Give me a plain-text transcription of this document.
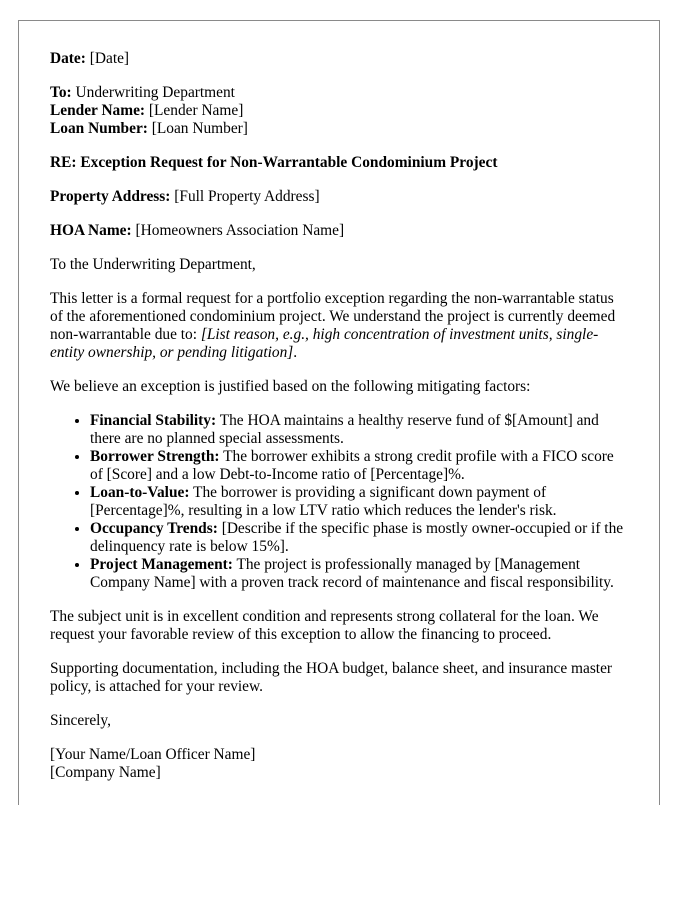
Date: [Date]

To: Underwriting Department
Lender Name: [Lender Name]
Loan Number: [Loan Number]

RE: Exception Request for Non-Warrantable Condominium Project

Property Address: [Full Property Address]

HOA Name: [Homeowners Association Name]

To the Underwriting Department,

This letter is a formal request for a portfolio exception regarding the non-warrantable status of the aforementioned condominium project. We understand the project is currently deemed non-warrantable due to: [List reason, e.g., high concentration of investment units, single-entity ownership, or pending litigation].

We believe an exception is justified based on the following mitigating factors:

• Financial Stability: The HOA maintains a healthy reserve fund of $[Amount] and there are no planned special assessments.
• Borrower Strength: The borrower exhibits a strong credit profile with a FICO score of [Score] and a low Debt-to-Income ratio of [Percentage]%.
• Loan-to-Value: The borrower is providing a significant down payment of [Percentage]%, resulting in a low LTV ratio which reduces the lender's risk.
• Occupancy Trends: [Describe if the specific phase is mostly owner-occupied or if the delinquency rate is below 15%].
• Project Management: The project is professionally managed by [Management Company Name] with a proven track record of maintenance and fiscal responsibility.

The subject unit is in excellent condition and represents strong collateral for the loan. We request your favorable review of this exception to allow the financing to proceed.

Supporting documentation, including the HOA budget, balance sheet, and insurance master policy, is attached for your review.

Sincerely,

[Your Name/Loan Officer Name]
[Company Name]
